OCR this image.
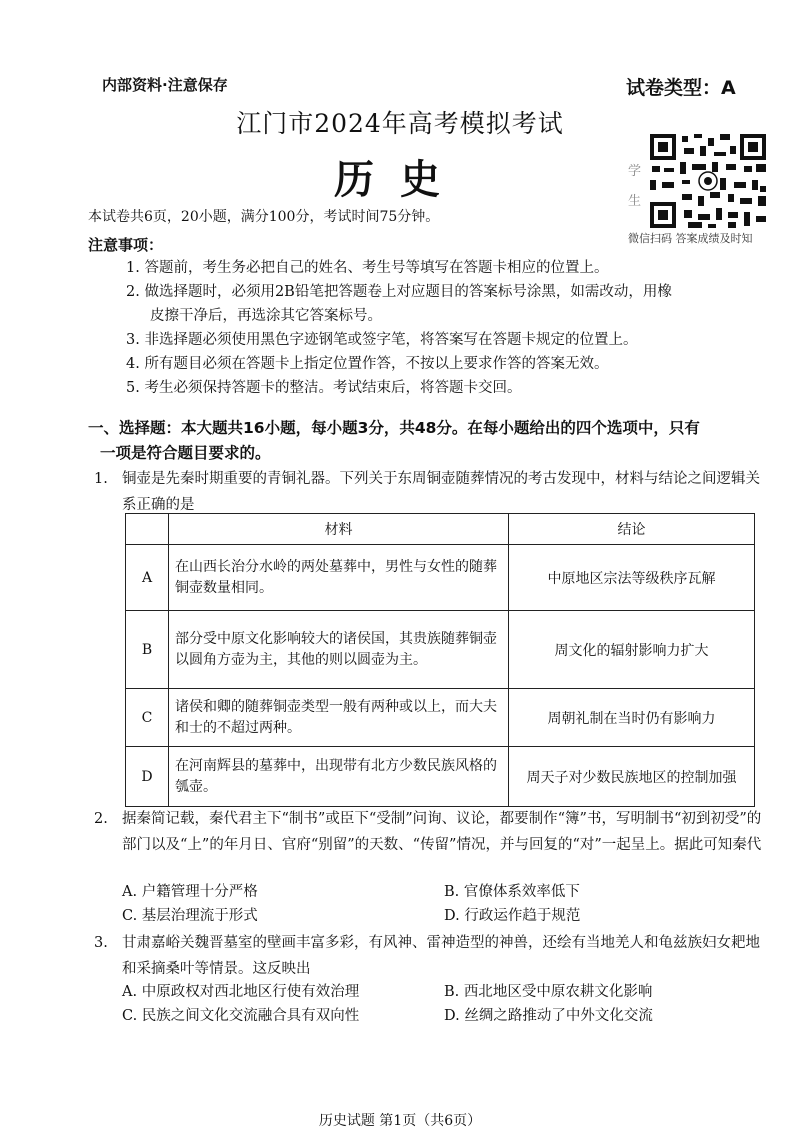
内部资料·注意保存	试卷类型：A
江门市2024年高考模拟考试
历史	学
生
微信扫码 答案成绩及时知
本试卷共6页，20小题，满分100分，考试时间75分钟。
注意事项：
1. 答题前，考生务必把自己的姓名、考生号等填写在答题卡相应的位置上。
2. 做选择题时，必须用2B铅笔把答题卷上对应题目的答案标号涂黑，如需改动，用橡
皮擦干净后，再选涂其它答案标号。
3. 非选择题必须使用黑色字迹钢笔或签字笔，将答案写在答题卡规定的位置上。
4. 所有题目必须在答题卡上指定位置作答，不按以上要求作答的答案无效。
5. 考生必须保持答题卡的整洁。考试结束后，将答题卡交回。
一、选择题：本大题共16小题，每小题3分，共48分。在每小题给出的四个选项中，只有
一项是符合题目要求的。
1. 铜壶是先秦时期重要的青铜礼器。下列关于东周铜壶随葬情况的考古发现中，材料与结论之间逻辑关系正确的是
	材料	结论
A	在山西长治分水岭的两处墓葬中，男性与女性的随葬铜壶数量相同。	中原地区宗法等级秩序瓦解
B	部分受中原文化影响较大的诸侯国，其贵族随葬铜壶以圆角方壶为主，其他的则以圆壶为主。	周文化的辐射影响力扩大
C	诸侯和卿的随葬铜壶类型一般有两种或以上，而大夫和士的不超过两种。	周朝礼制在当时仍有影响力
D	在河南辉县的墓葬中，出现带有北方少数民族风格的瓠壶。	周天子对少数民族地区的控制加强
2. 据秦简记载，秦代君主下“制书”或臣下“受制”问询、议论，都要制作“簿”书，写明制书“初到初受”的部门以及“上”的年月日、官府“别留”的天数、“传留”情况，并与回复的“对”一起呈上。据此可知秦代
A. 户籍管理十分严格	B. 官僚体系效率低下
C. 基层治理流于形式	D. 行政运作趋于规范
3. 甘肃嘉峪关魏晋墓室的壁画丰富多彩，有风神、雷神造型的神兽，还绘有当地羌人和龟兹族妇女耙地和采摘桑叶等情景。这反映出
A. 中原政权对西北地区行使有效治理	B. 西北地区受中原农耕文化影响
C. 民族之间文化交流融合具有双向性	D. 丝绸之路推动了中外文化交流
历史试题 第1页（共6页）
